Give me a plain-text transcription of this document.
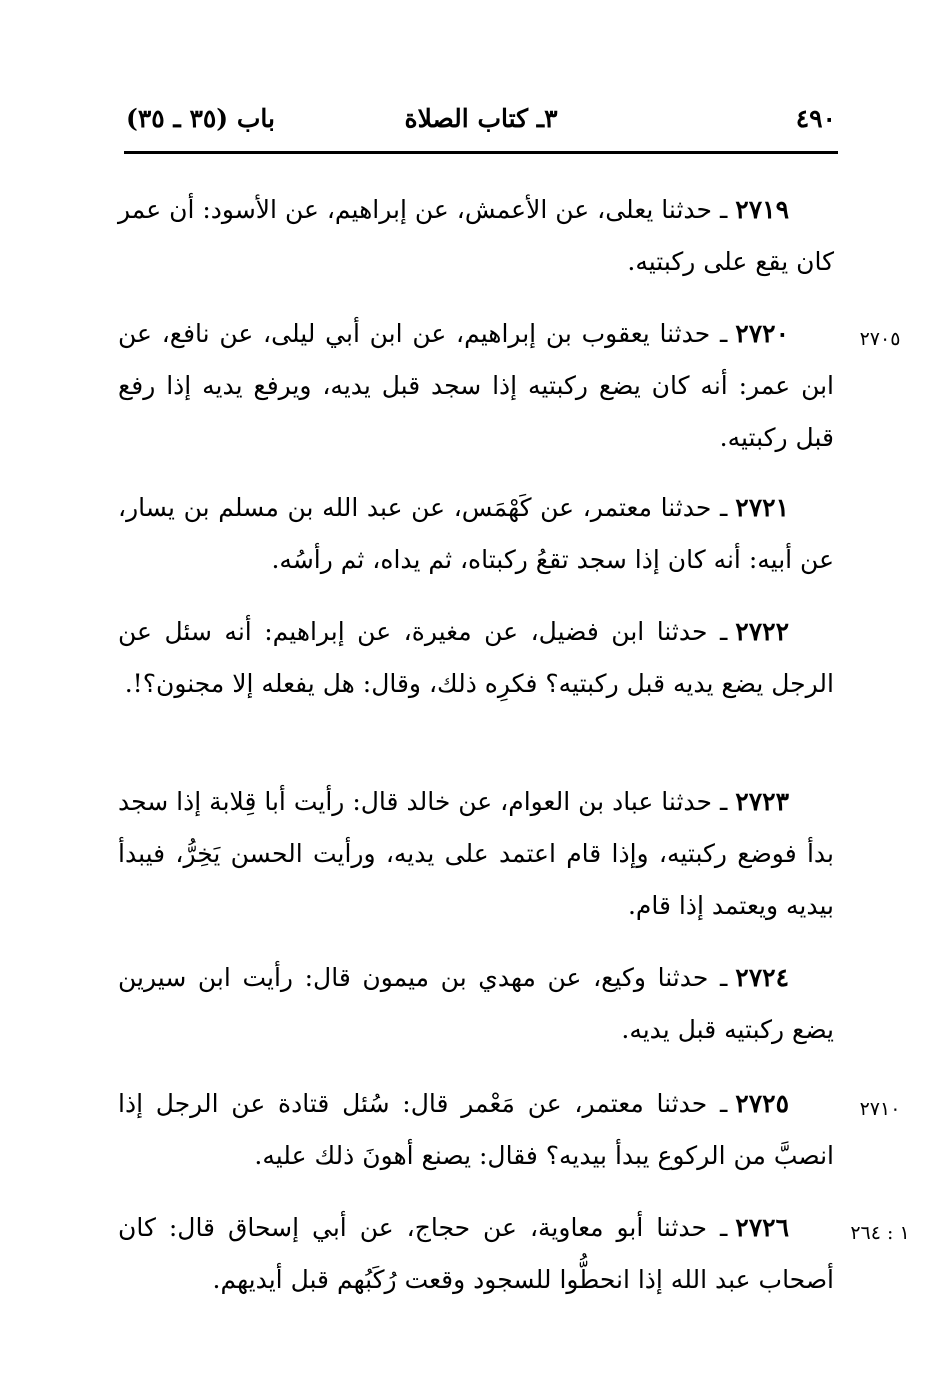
٤٩٠
٣ـ كتاب الصلاة
باب (٣٥ ـ ٣٥)
٢٧١٩ـ حدثنا يعلى، عن الأعمش، عن إبراهيم، عن الأسود: أن عمر كان يقع على ركبتيه.
٢٧٠٥
٢٧٢٠ـ حدثنا يعقوب بن إبراهيم، عن ابن أبي ليلى، عن نافع، عن ابن عمر: أنه كان يضع ركبتيه إذا سجد قبل يديه، ويرفع يديه إذا رفع قبل ركبتيه.
٢٧٢١ـ حدثنا معتمر، عن كَهْمَس، عن عبد الله بن مسلم بن يسار، عن أبيه: أنه كان إذا سجد تقعُ ركبتاه، ثم يداه، ثم رأسُه.
٢٧٢٢ـ حدثنا ابن فضيل، عن مغيرة، عن إبراهيم: أنه سئل عن الرجل يضع يديه قبل ركبتيه؟ فكرِه ذلك، وقال: هل يفعله إلا مجنون؟!.
٢٧٢٣ـ حدثنا عباد بن العوام، عن خالد قال: رأيت أبا قِلابة إذا سجد بدأ فوضع ركبتيه، وإذا قام اعتمد على يديه، ورأيت الحسن يَخِرُّ، فيبدأ بيديه ويعتمد إذا قام.
٢٧٢٤ـ حدثنا وكيع، عن مهدي بن ميمون قال: رأيت ابن سيرين يضع ركبتيه قبل يديه.
٢٧١٠
٢٧٢٥ـ حدثنا معتمر، عن مَعْمر قال: سُئل قتادة عن الرجل إذا انصبَّ من الركوع يبدأ بيديه؟ فقال: يصنع أهونَ ذلك عليه.
١ : ٢٦٤
٢٧٢٦ـ حدثنا أبو معاوية، عن حجاج، عن أبي إسحاق قال: كان أصحاب عبد الله إذا انحطُّوا للسجود وقعت رُكَبُهم قبل أيديهم.
